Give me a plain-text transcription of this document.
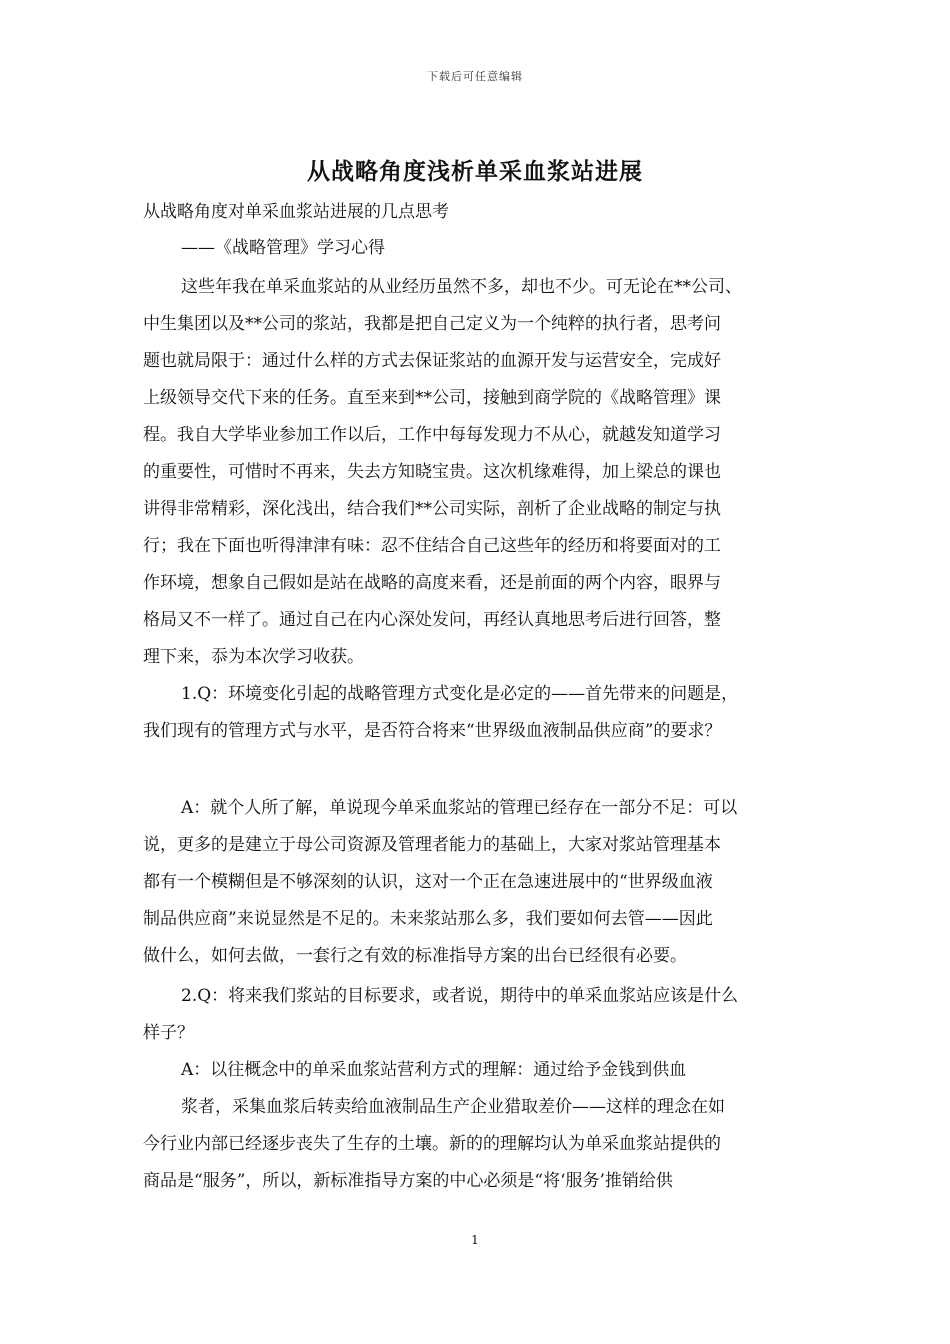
下载后可任意编辑
从战略角度浅析单采血浆站进展
从战略角度对单采血浆站进展的几点思考
——《战略管理》学习心得
这些年我在单采血浆站的从业经历虽然不多，却也不少。可无论在**公司、
中生集团以及**公司的浆站，我都是把自己定义为一个纯粹的执行者，思考问
题也就局限于：通过什么样的方式去保证浆站的血源开发与运营安全，完成好
上级领导交代下来的任务。直至来到**公司，接触到商学院的《战略管理》课
程。我自大学毕业参加工作以后，工作中每每发现力不从心，就越发知道学习
的重要性，可惜时不再来，失去方知晓宝贵。这次机缘难得，加上梁总的课也
讲得非常精彩，深化浅出，结合我们**公司实际，剖析了企业战略的制定与执
行；我在下面也听得津津有味：忍不住结合自己这些年的经历和将要面对的工
作环境，想象自己假如是站在战略的高度来看，还是前面的两个内容，眼界与
格局又不一样了。通过自己在内心深处发问，再经认真地思考后进行回答，整
理下来，忝为本次学习收获。
1.Q：环境变化引起的战略管理方式变化是必定的——首先带来的问题是，
我们现有的管理方式与水平，是否符合将来“世界级血液制品供应商”的要求？
A：就个人所了解，单说现今单采血浆站的管理已经存在一部分不足：可以
说，更多的是建立于母公司资源及管理者能力的基础上，大家对浆站管理基本
都有一个模糊但是不够深刻的认识，这对一个正在急速进展中的“世界级血液
制品供应商”来说显然是不足的。未来浆站那么多，我们要如何去管——因此
做什么，如何去做，一套行之有效的标准指导方案的出台已经很有必要。
2.Q：将来我们浆站的目标要求，或者说，期待中的单采血浆站应该是什么
样子？
A：以往概念中的单采血浆站营利方式的理解：通过给予金钱到供血
浆者，采集血浆后转卖给血液制品生产企业猎取差价——这样的理念在如
今行业内部已经逐步丧失了生存的土壤。新的的理解均认为单采血浆站提供的
商品是“服务”，所以，新标准指导方案的中心必须是“将‘服务’推销给供
1
